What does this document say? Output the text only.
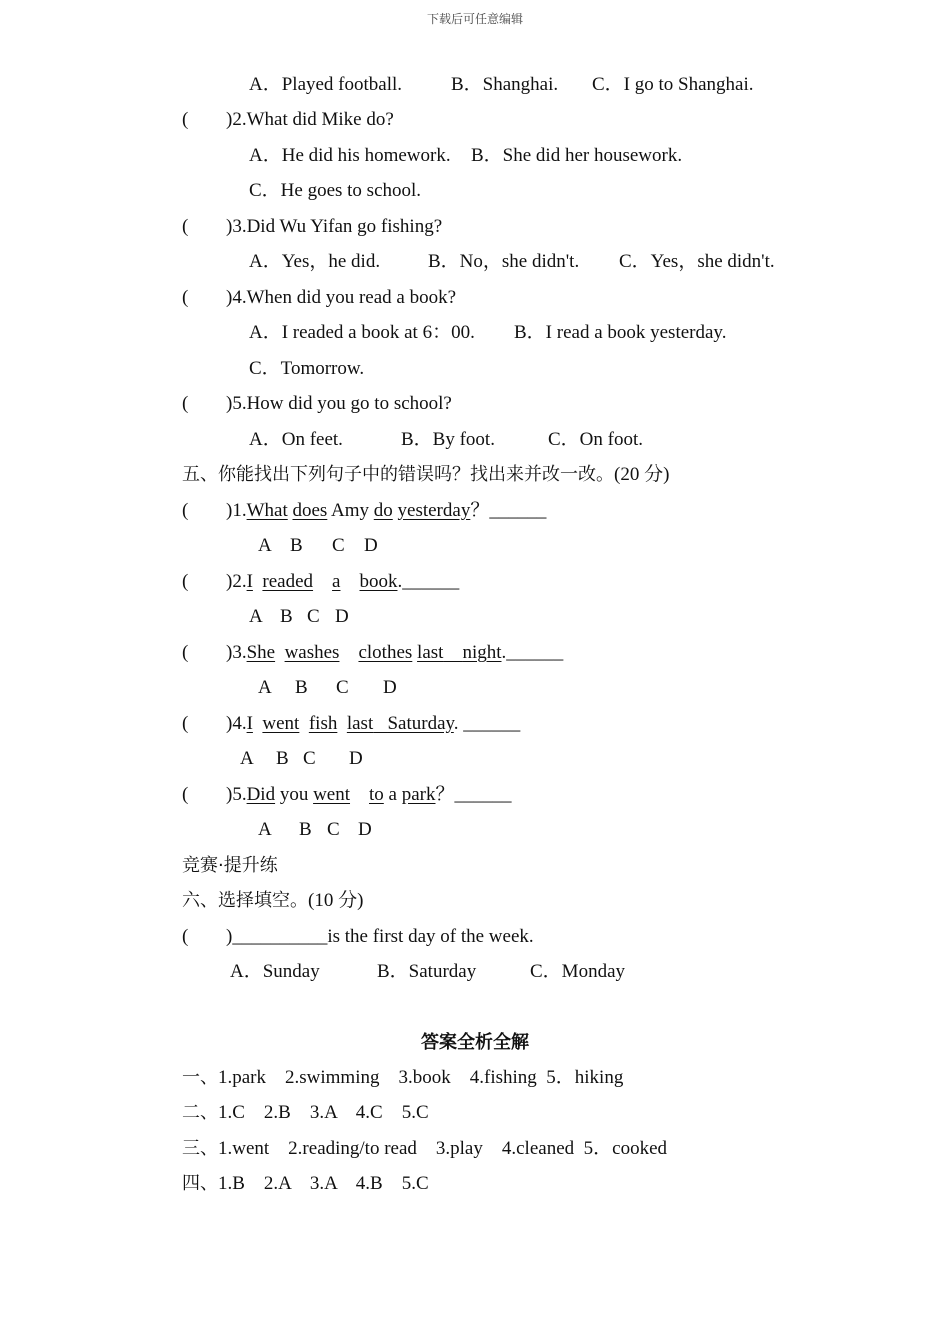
下载后可任意编辑
A．Played football.	B．Shanghai. C．I go to Shanghai.
( )2.What did Mike do?
A．He did his homework. B．She did her housework.
C．He goes to school.
( )3.Did Wu Yifan go fishing?
A．Yes，he did.	B．No，she didn't. C．Yes，she didn't.
( )4.When did you read a book?
A．I readed a book at 6：00. B．I read a book yesterday.
C．Tomorrow.
( )5.How did you go to school?
A．On feet.	B．By foot.	C．On foot.
五、你能找出下列句子中的错误吗？找出来并改一改。(20 分)
( )1.What does Amy do yesterday？______
A B C D
( )2.I readed a book.______
A B C D
( )3.She washes clothes last night.______
A B C D
( )4.I went fish last Saturday. ______
A B C D
( )5.Did you went to a park？______
A B C D
竞赛·提升练
六、选择填空。(10 分)
( )__________is the first day of the week.
A．Sunday	B．Saturday	C．Monday
答案全析全解
一、1.park    2.swimming    3.book    4.fishing  5．hiking
二、1.C    2.B    3.A    4.C    5.C
三、1.went    2.reading/to read    3.play    4.cleaned  5．cooked
四、1.B    2.A    3.A    4.B    5.C
